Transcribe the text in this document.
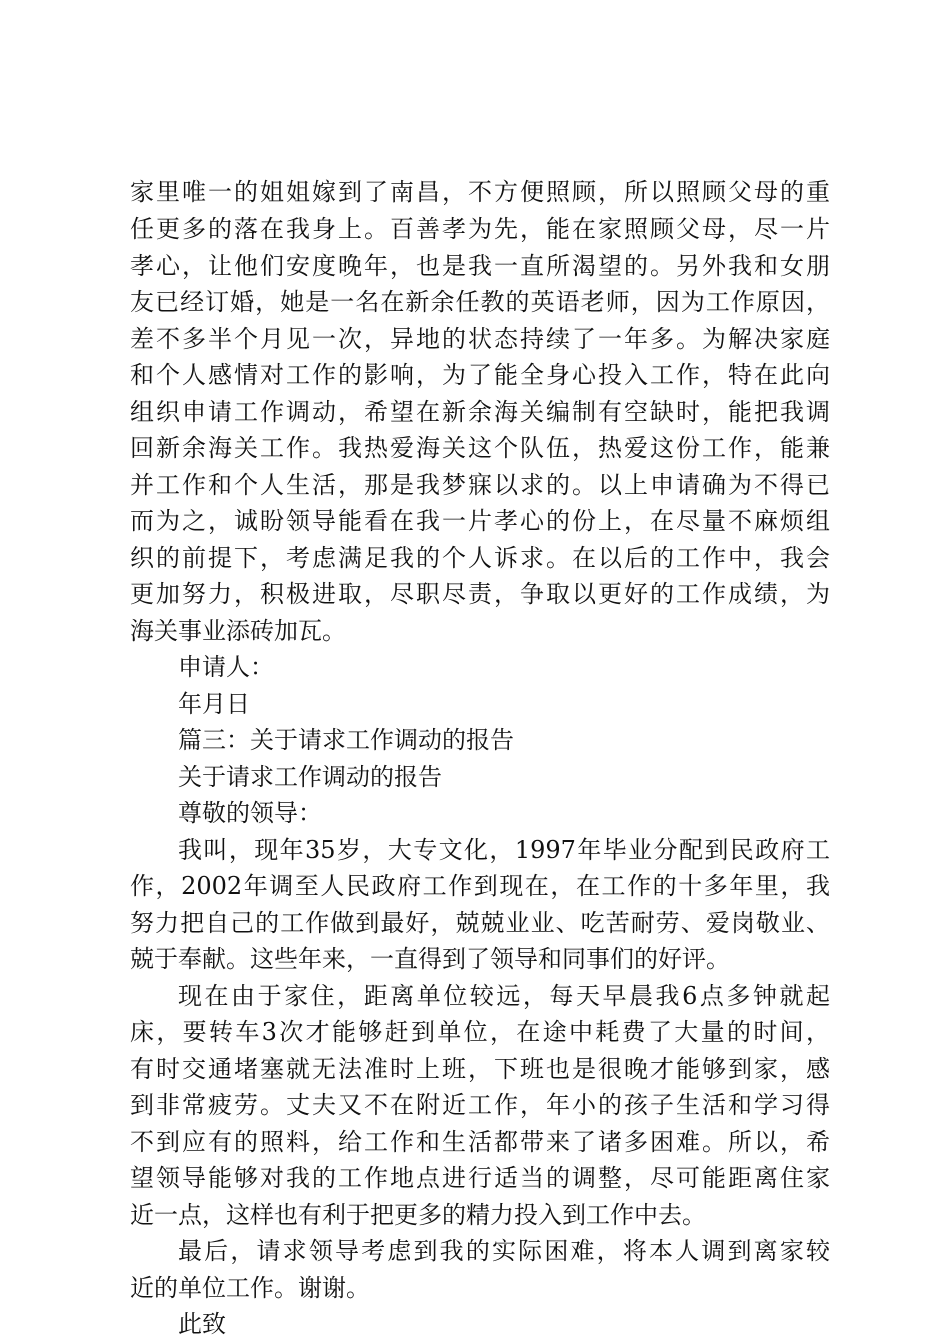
家里唯一的姐姐嫁到了南昌，不方便照顾，所以照顾父母的重
任更多的落在我身上。百善孝为先，能在家照顾父母，尽一片
孝心，让他们安度晚年，也是我一直所渴望的。另外我和女朋
友已经订婚，她是一名在新余任教的英语老师，因为工作原因，
差不多半个月见一次，异地的状态持续了一年多。为解决家庭
和个人感情对工作的影响，为了能全身心投入工作，特在此向
组织申请工作调动，希望在新余海关编制有空缺时，能把我调
回新余海关工作。我热爱海关这个队伍，热爱这份工作，能兼
并工作和个人生活，那是我梦寐以求的。以上申请确为不得已
而为之，诚盼领导能看在我一片孝心的份上，在尽量不麻烦组
织的前提下，考虑满足我的个人诉求。在以后的工作中，我会
更加努力，积极进取，尽职尽责，争取以更好的工作成绩，为
海关事业添砖加瓦。
申请人：
年月日
篇三：关于请求工作调动的报告
关于请求工作调动的报告
尊敬的领导：
我叫，现年35岁，大专文化，1997年毕业分配到民政府工
作，2002年调至人民政府工作到现在，在工作的十多年里，我
努力把自己的工作做到最好，兢兢业业、吃苦耐劳、爱岗敬业、
兢于奉献。这些年来，一直得到了领导和同事们的好评。
现在由于家住，距离单位较远，每天早晨我6点多钟就起
床，要转车3次才能够赶到单位，在途中耗费了大量的时间，
有时交通堵塞就无法准时上班，下班也是很晚才能够到家，感
到非常疲劳。丈夫又不在附近工作，年小的孩子生活和学习得
不到应有的照料，给工作和生活都带来了诸多困难。所以，希
望领导能够对我的工作地点进行适当的调整，尽可能距离住家
近一点，这样也有利于把更多的精力投入到工作中去。
最后，请求领导考虑到我的实际困难，将本人调到离家较
近的单位工作。谢谢。
此致
